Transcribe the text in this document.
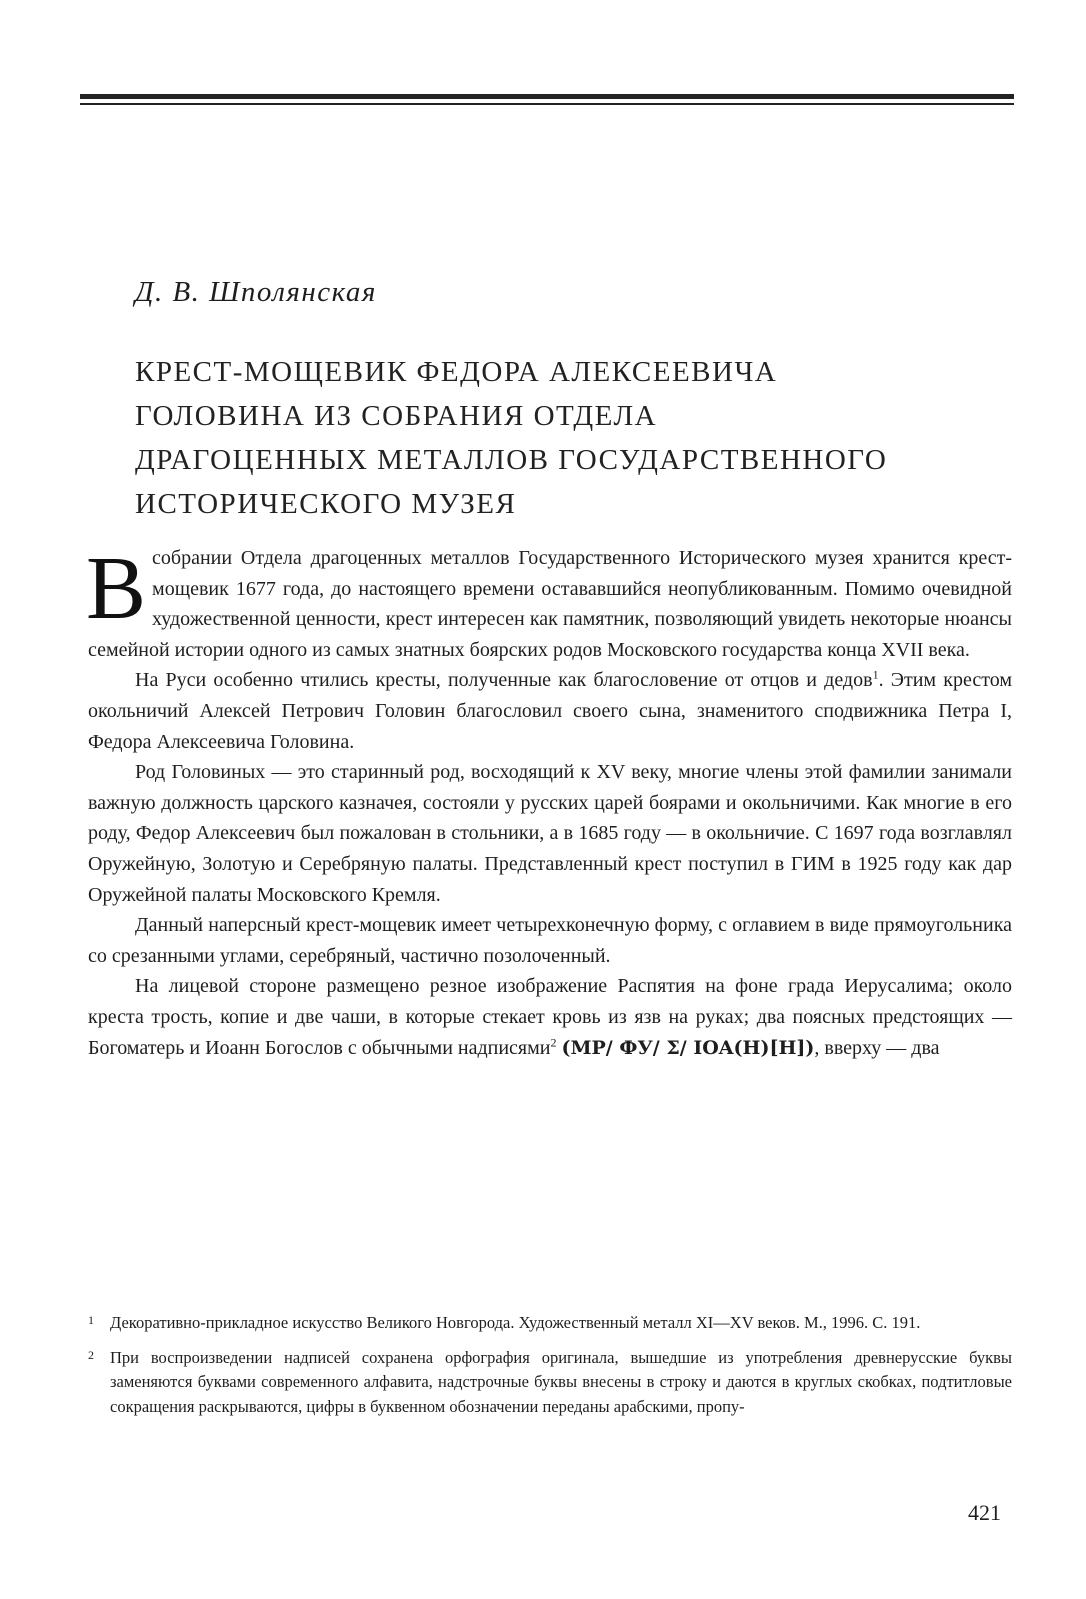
Д. В. Шполянская

КРЕСТ-МОЩЕВИК ФЕДОРА АЛЕКСЕЕВИЧА
ГОЛОВИНА ИЗ СОБРАНИЯ ОТДЕЛА
ДРАГОЦЕННЫХ МЕТАЛЛОВ ГОСУДАРСТВЕННОГО
ИСТОРИЧЕСКОГО МУЗЕЯ

Всобрании Отдела драгоценных металлов Государственного Исторического музея хранится крест-мощевик 1677 года, до настоящего времени остававшийся неопубликованным. Помимо очевидной художественной ценности, крест интересен как памятник, позволяющий увидеть некоторые нюансы семейной истории одного из самых знатных боярских родов Московского государства конца XVII века.

На Руси особенно чтились кресты, полученные как благословение от отцов и дедов$^1$. Этим крестом окольничий Алексей Петрович Головин благословил своего сына, знаменитого сподвижника Петра I, Федора Алексеевича Головина.

Род Головиных — это старинный род, восходящий к XV веку, многие члены этой фамилии занимали важную должность царского казначея, состояли у русских царей боярами и окольничими. Как многие в его роду, Федор Алексеевич был пожалован в стольники, а в 1685 году — в окольничие. С 1697 года возглавлял Оружейную, Золотую и Серебряную палаты. Представленный крест поступил в ГИМ в 1925 году как дар Оружейной палаты Московского Кремля.

Данный наперсный крест-мощевик имеет четырехконечную форму, с оглавием в виде прямоугольника со срезанными углами, серебряный, частично позолоченный.

На лицевой стороне размещено резное изображение Распятия на фоне града Иерусалима; около креста трость, копие и две чаши, в которые стекает кровь из язв на руках; два поясных предстоящих — Богоматерь и Иоанн Богослов с обычными надписями$^2$ (МР/ ФУ/ Σ/ IOA(Н)[Н]), вверху — два

1 Декоративно-прикладное искусство Великого Новгорода. Художественный металл XI—XV веков. М., 1996. С. 191.
2 При воспроизведении надписей сохранена орфография оригинала, вышедшие из употребления древнерусские буквы заменяются буквами современного алфавита, надстрочные буквы внесены в строку и даются в круглых скобках, подтитловые сокращения раскрываются, цифры в буквенном обозначении переданы арабскими, пропу-

421
